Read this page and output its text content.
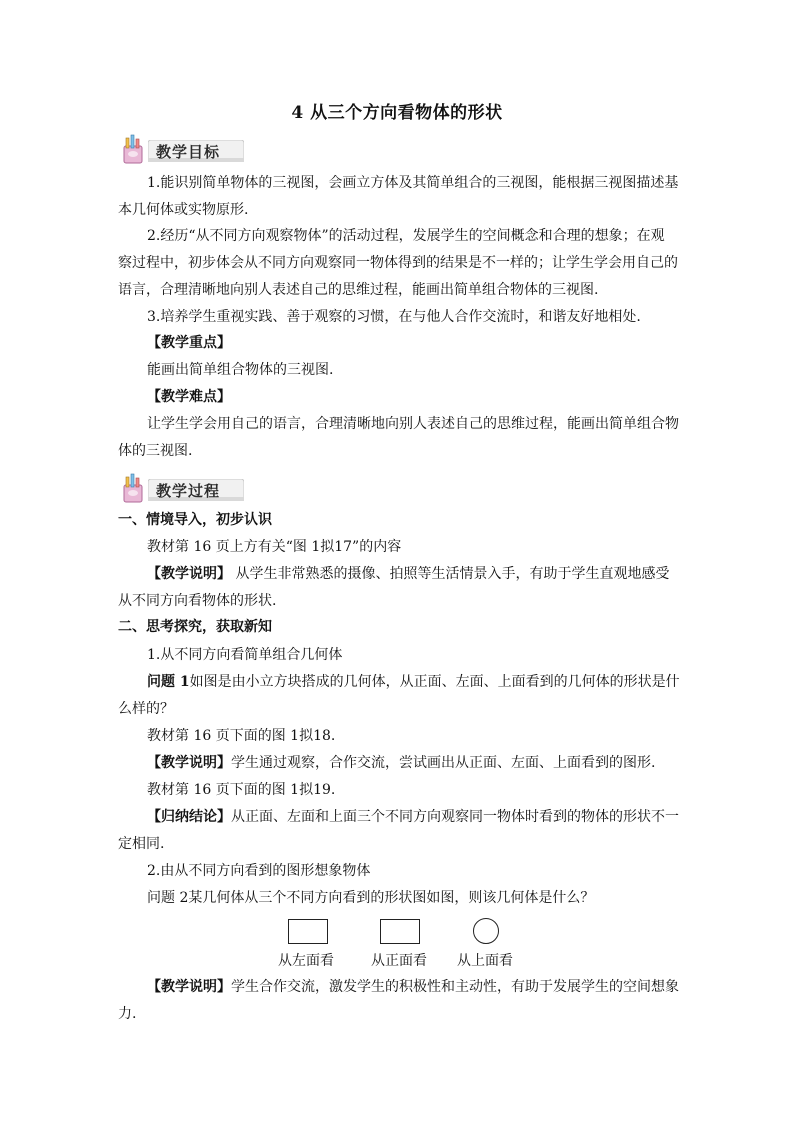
4 从三个方向看物体的形状
教学目标
1.能识别简单物体的三视图，会画立方体及其简单组合的三视图，能根据三视图描述基
本几何体或实物原形.
2.经历“从不同方向观察物体”的活动过程，发展学生的空间概念和合理的想象；在观
察过程中，初步体会从不同方向观察同一物体得到的结果是不一样的；让学生学会用自己的
语言，合理清晰地向别人表述自己的思维过程，能画出简单组合物体的三视图.
3.培养学生重视实践、善于观察的习惯，在与他人合作交流时，和谐友好地相处.
【教学重点】
能画出简单组合物体的三视图.
【教学难点】
让学生学会用自己的语言，合理清晰地向别人表述自己的思维过程，能画出简单组合物
体的三视图.
教学过程
一、情境导入，初步认识
教材第 16 页上方有关“图 1拟17”的内容
【教学说明】 从学生非常熟悉的摄像、拍照等生活情景入手，有助于学生直观地感受
从不同方向看物体的形状.
二、思考探究，获取新知
1.从不同方向看简单组合几何体
问题 1如图是由小立方块搭成的几何体，从正面、左面、上面看到的几何体的形状是什
么样的？
教材第 16 页下面的图 1拟18.
【教学说明】学生通过观察，合作交流，尝试画出从正面、左面、上面看到的图形.
教材第 16 页下面的图 1拟19.
【归纳结论】从正面、左面和上面三个不同方向观察同一物体时看到的物体的形状不一
定相同.
2.由从不同方向看到的图形想象物体
问题 2某几何体从三个不同方向看到的形状图如图，则该几何体是什么？
从左面看	从正面看 从上面看
【教学说明】学生合作交流，激发学生的积极性和主动性，有助于发展学生的空间想象
力.
